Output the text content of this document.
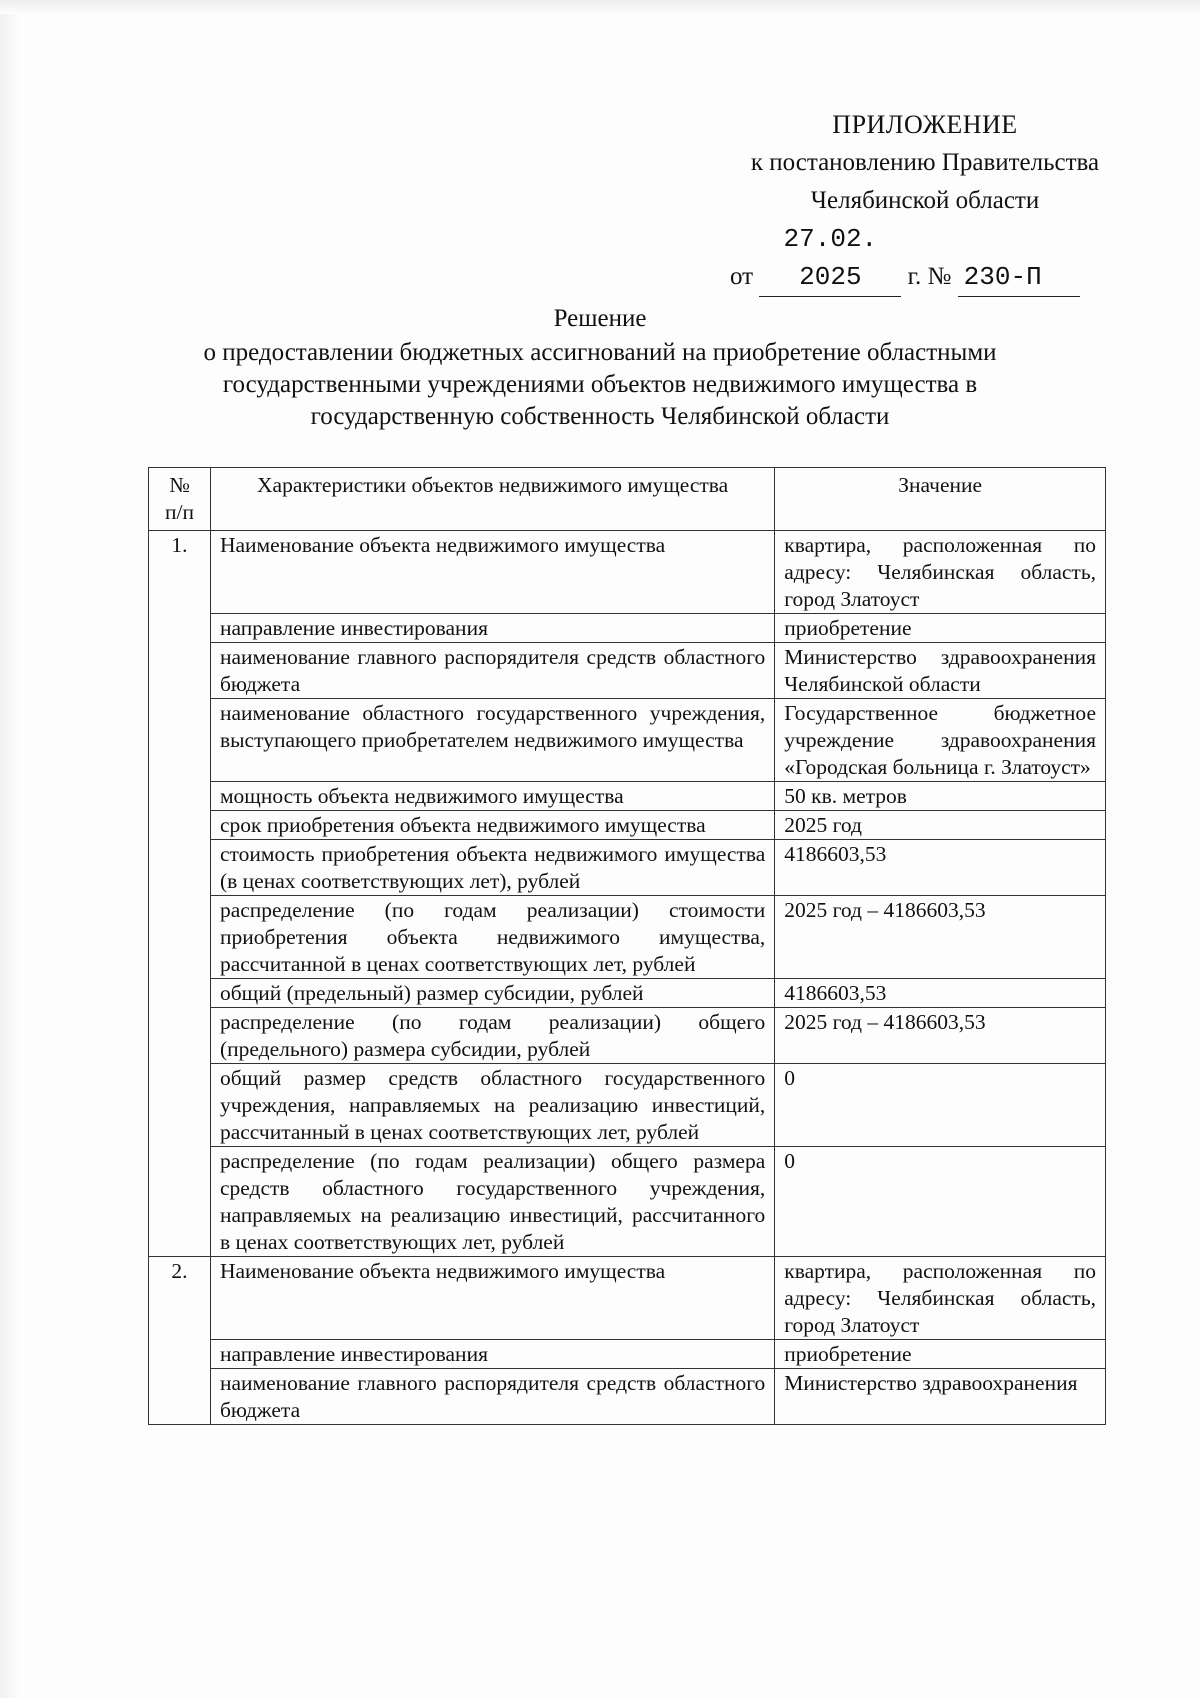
ПРИЛОЖЕНИЕ
к постановлению Правительства
Челябинской области
от 27.02. 2025 г. № 230-П
Решение
о предоставлении бюджетных ассигнований на приобретение областными
государственными учреждениями объектов недвижимого имущества в
государственную собственность Челябинской области
№ п/п	Характеристики объектов недвижимого имущества	Значение
1.	Наименование объекта недвижимого имущества	квартира, расположенная по адресу: Челябинская область, город Златоуст
	направление инвестирования	приобретение
	наименование главного распорядителя средств областного бюджета	Министерство здравоохранения Челябинской области
	наименование областного государственного учреждения, выступающего приобретателем недвижимого имущества	Государственное бюджетное учреждение здравоохранения «Городская больница г. Златоуст»
	мощность объекта недвижимого имущества	50 кв. метров
	срок приобретения объекта недвижимого имущества	2025 год
	стоимость приобретения объекта недвижимого имущества (в ценах соответствующих лет), рублей	4186603,53
	распределение (по годам реализации) стоимости приобретения объекта недвижимого имущества, рассчитанной в ценах соответствующих лет, рублей	2025 год – 4186603,53
	общий (предельный) размер субсидии, рублей	4186603,53
	распределение (по годам реализации) общего (предельного) размера субсидии, рублей	2025 год – 4186603,53
	общий размер средств областного государственного учреждения, направляемых на реализацию инвестиций, рассчитанный в ценах соответствующих лет, рублей	0
	распределение (по годам реализации) общего размера средств областного государственного учреждения, направляемых на реализацию инвестиций, рассчитанного в ценах соответствующих лет, рублей	0
2.	Наименование объекта недвижимого имущества	квартира, расположенная по адресу: Челябинская область, город Златоуст
	направление инвестирования	приобретение
	наименование главного распорядителя средств областного бюджета	Министерство здравоохранения
